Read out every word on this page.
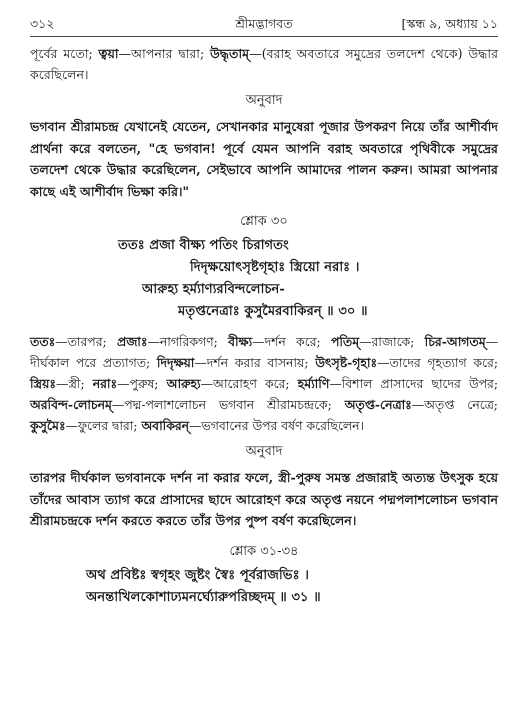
৩১২	শ্রীমদ্ভাগবত	[স্কন্ধ ৯, অধ্যায় ১১
পূর্বের মতো; ত্বয়া—আপনার দ্বারা; উদ্ধৃতাম্—(বরাহ অবতারে সমুদ্রের তলদেশ থেকে) উদ্ধার করেছিলেন।
অনুবাদ
ভগবান শ্রীরামচন্দ্র যেখানেই যেতেন, সেখানকার মানুষেরা পূজার উপকরণ নিয়ে তাঁর আশীর্বাদ প্রার্থনা করে বলতেন, "হে ভগবান! পূর্বে যেমন আপনি বরাহ অবতারে পৃথিবীকে সমুদ্রের তলদেশ থেকে উদ্ধার করেছিলেন, সেইভাবে আপনি আমাদের পালন করুন। আমরা আপনার কাছে এই আশীর্বাদ ভিক্ষা করি।"
শ্লোক ৩০
ততঃ প্রজা বীক্ষ্য পতিং চিরাগতং
দিদৃক্ষয়োৎসৃষ্টগৃহাঃ স্ত্রিয়ো নরাঃ ।
আরুহ্য হর্ম্যাণ্যরবিন্দলোচন-
মতৃপ্তনেত্রাঃ কুসুমৈরবাকিরন্ ॥ ৩০ ॥
ততঃ—তারপর; প্রজাঃ—নাগরিকগণ; বীক্ষ্য—দর্শন করে; পতিম্—রাজাকে; চির-আগতম্—দীর্ঘকাল পরে প্রত্যাগত; দিদৃক্ষয়া—দর্শন করার বাসনায়; উৎসৃষ্ট-গৃহাঃ—তাদের গৃহত্যাগ করে; স্ত্রিয়ঃ—স্ত্রী; নরাঃ—পুরুষ; আরুহ্য—আরোহণ করে; হর্ম্যাণি—বিশাল প্রাসাদের ছাদের উপর; অরবিন্দ-লোচনম্—পদ্ম-পলাশলোচন ভগবান শ্রীরামচন্দ্রকে; অতৃপ্ত-নেত্রাঃ—অতৃপ্ত নেত্রে; কুসুমৈঃ—ফুলের দ্বারা; অবাকিরন্—ভগবানের উপর বর্ষণ করেছিলেন।
অনুবাদ
তারপর দীর্ঘকাল ভগবানকে দর্শন না করার ফলে, স্ত্রী-পুরুষ সমস্ত প্রজারাই অত্যন্ত উৎসুক হয়ে তাঁদের আবাস ত্যাগ করে প্রাসাদের ছাদে আরোহণ করে অতৃপ্ত নয়নে পদ্মপলাশলোচন ভগবান শ্রীরামচন্দ্রকে দর্শন করতে করতে তাঁর উপর পুষ্প বর্ষণ করেছিলেন।
শ্লোক ৩১-৩৪
অথ প্রবিষ্টঃ স্বগৃহং জুষ্টং স্বৈঃ পূর্বরাজভিঃ ।
অনন্তাখিলকোশাঢ্যমনর্ঘ্যোরুপরিচ্ছদম্ ॥ ৩১ ॥
